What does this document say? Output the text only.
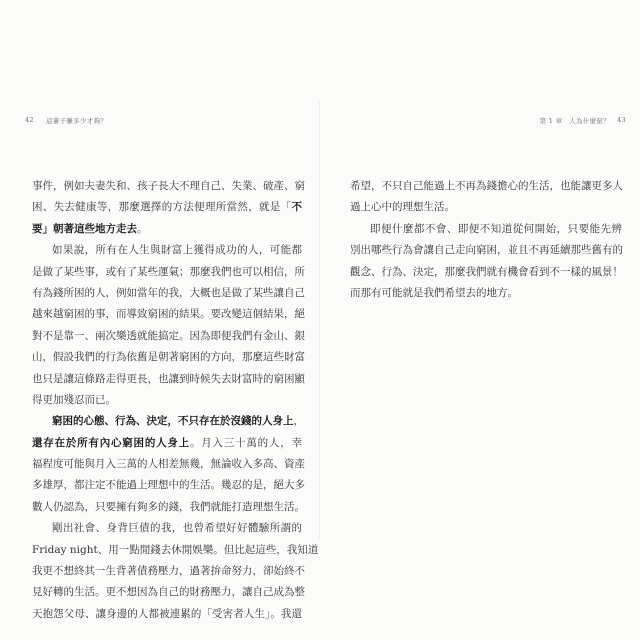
42 這輩子賺多少才夠？
事件，例如夫妻失和、孩子長大不理自己、失業、破產、窮
困、失去健康等，那麼選擇的方法便理所當然，就是「不
要」朝著這些地方走去。
如果說，所有在人生與財富上獲得成功的人，可能都
是做了某些事，或有了某些運氣；那麼我們也可以相信，所
有為錢所困的人，例如當年的我，大概也是做了某些讓自己
越來越窮困的事，而導致窮困的結果。要改變這個結果，絕
對不是靠一、兩次樂透就能搞定。因為即便我們有金山、銀
山，假設我們的行為依舊是朝著窮困的方向，那麼這些財富
也只是讓這條路走得更長，也讓到時候失去財富時的窮困顯
得更加殘忍而已。
窮困的心態、行為、決定，不只存在於沒錢的人身上，
還存在於所有內心窮困的人身上。月入三十萬的人，幸
福程度可能與月入三萬的人相差無幾，無論收入多高、資產
多雄厚，都注定不能過上理想中的生活。幾忍的是，絕大多
數人仍認為，只要擁有夠多的錢，我們就能打造理想生活。
剛出社會、身背巨債的我，也曾希望好好體驗所謂的
Friday night、用一點閒錢去休閒娛樂。但比起這些，我知道
我更不想終其一生背著債務壓力，過著拚命努力，卻始終不
見好轉的生活。更不想因為自己的財務壓力，讓自己成為整
天抱怨父母、讓身邊的人都被連累的「受害者人生」。我還
第 1 章　人為什麼窮？ 43
希望，不只自己能過上不再為錢擔心的生活，也能讓更多人
過上心中的理想生活。
即便什麼都不會、即便不知道從何開始，只要能先辨
別出哪些行為會讓自己走向窮困，並且不再延續那些舊有的
觀念、行為、決定，那麼我們就有機會看到不一樣的風景！
而那有可能就是我們希望去的地方。
